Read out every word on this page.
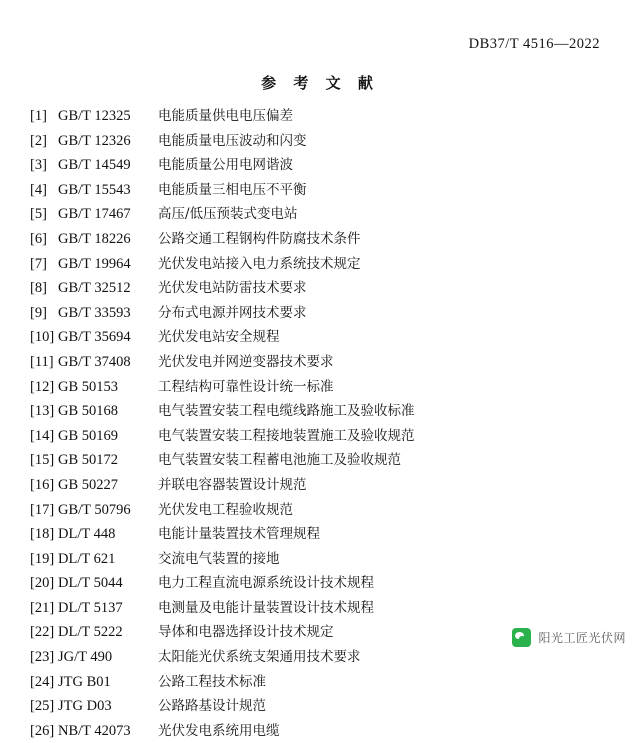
DB37/T 4516—2022
参 考 文 献
[1] GB/T 12325	电能质量 供电电压偏差
[2] GB/T 12326	电能质量 电压波动和闪变
[3] GB/T 14549	电能质量 公用电网谐波
[4] GB/T 15543	电能质量 三相电压不平衡
[5] GB/T 17467	高压/低压预装式变电站
[6] GB/T 18226	公路交通工程钢构件防腐技术条件
[7] GB/T 19964	光伏发电站接入电力系统技术规定
[8] GB/T 32512	光伏发电站防雷技术要求
[9] GB/T 33593	分布式电源并网技术要求
[10] GB/T 35694	光伏发电站安全规程
[11] GB/T 37408	光伏发电并网逆变器技术要求
[12] GB 50153	工程结构可靠性设计统一标准
[13] GB 50168	电气装置安装工程电缆线路施工及验收标准
[14] GB 50169	电气装置安装工程接地装置施工及验收规范
[15] GB 50172	电气装置安装工程蓄电池施工及验收规范
[16] GB 50227	并联电容器装置设计规范
[17] GB/T 50796	光伏发电工程验收规范
[18] DL/T 448	电能计量装置技术管理规程
[19] DL/T 621	交流电气装置的接地
[20] DL/T 5044	电力工程直流电源系统设计技术规程
[21] DL/T 5137	电测量及电能计量装置设计技术规程
[22] DL/T 5222	导体和电器选择设计技术规定
[23] JG/T 490	太阳能光伏系统支架通用技术要求
[24] JTG B01	公路工程技术标准
[25] JTG D03	公路路基设计规范
[26] NB/T 42073	光伏发电系统用电缆
阳光工匠光伏网
